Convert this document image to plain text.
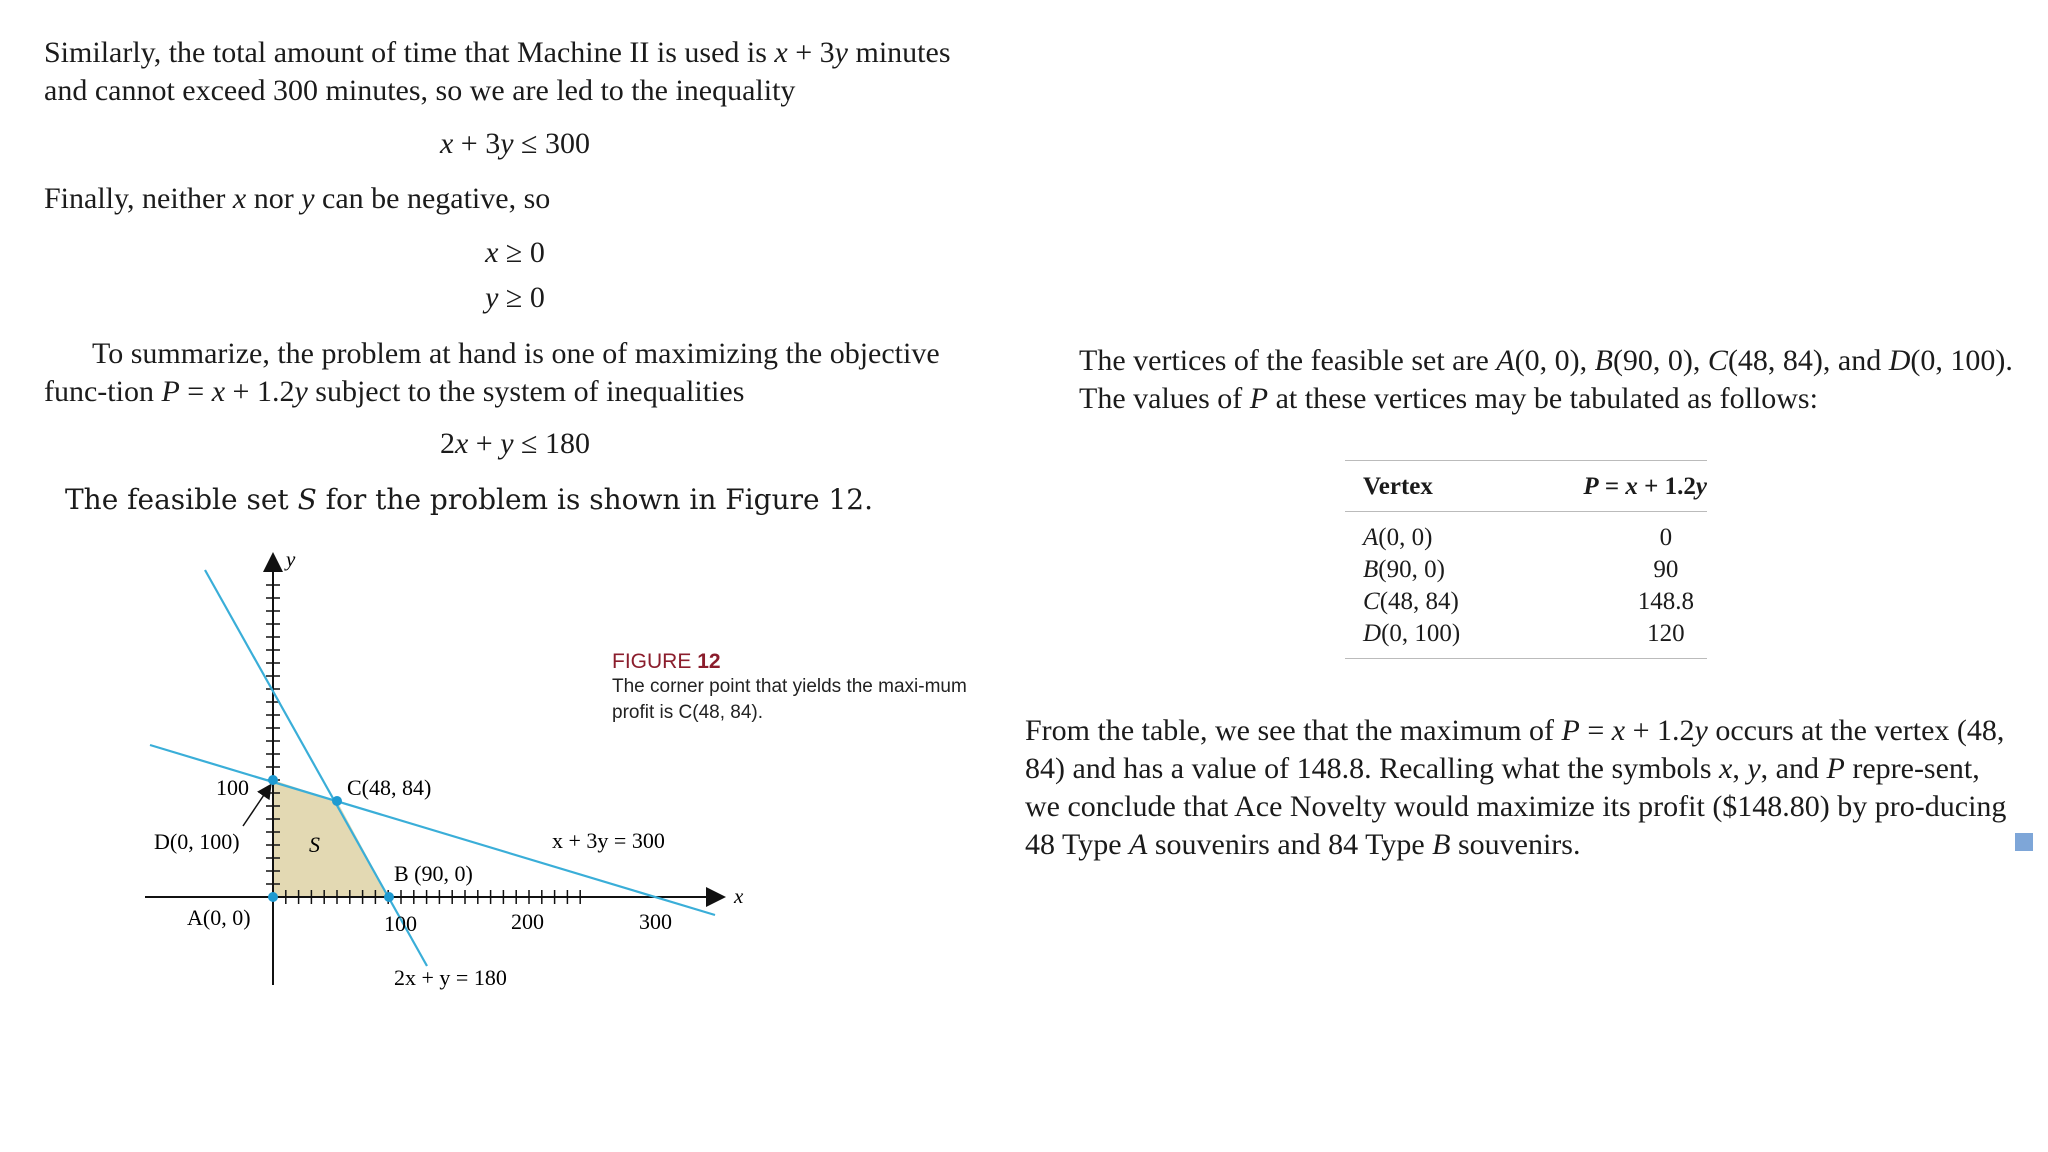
Similarly, the total amount of time that Machine II is used is x + 3y minutes and cannot exceed 300 minutes, so we are led to the inequality
x + 3y ≤ 300
Finally, neither x nor y can be negative, so
x ≥ 0
y ≥ 0
To summarize, the problem at hand is one of maximizing the objective func-tion P = x + 1.2y subject to the system of inequalities
2x + y ≤ 180
The feasible set S for the problem is shown in Figure 12.
y
x
100
100	200	300
C(48, 84)
D(0, 100)
A(0, 0)
B (90, 0)
S	x + 3y = 300
2x + y = 180
FIGURE 12
The corner point that yields the maxi-mum profit is C(48, 84).
The vertices of the feasible set are A(0, 0), B(90, 0), C(48, 84), and D(0, 100). The values of P at these vertices may be tabulated as follows:
Vertex	P = x + 1.2y
A(0, 0)	0
B(90, 0)	90
C(48, 84)	148.8
D(0, 100)	120
From the table, we see that the maximum of P = x + 1.2y occurs at the vertex (48, 84) and has a value of 148.8. Recalling what the symbols x, y, and P repre-sent, we conclude that Ace Novelty would maximize its profit ($148.80) by pro-ducing 48 Type A souvenirs and 84 Type B souvenirs.
